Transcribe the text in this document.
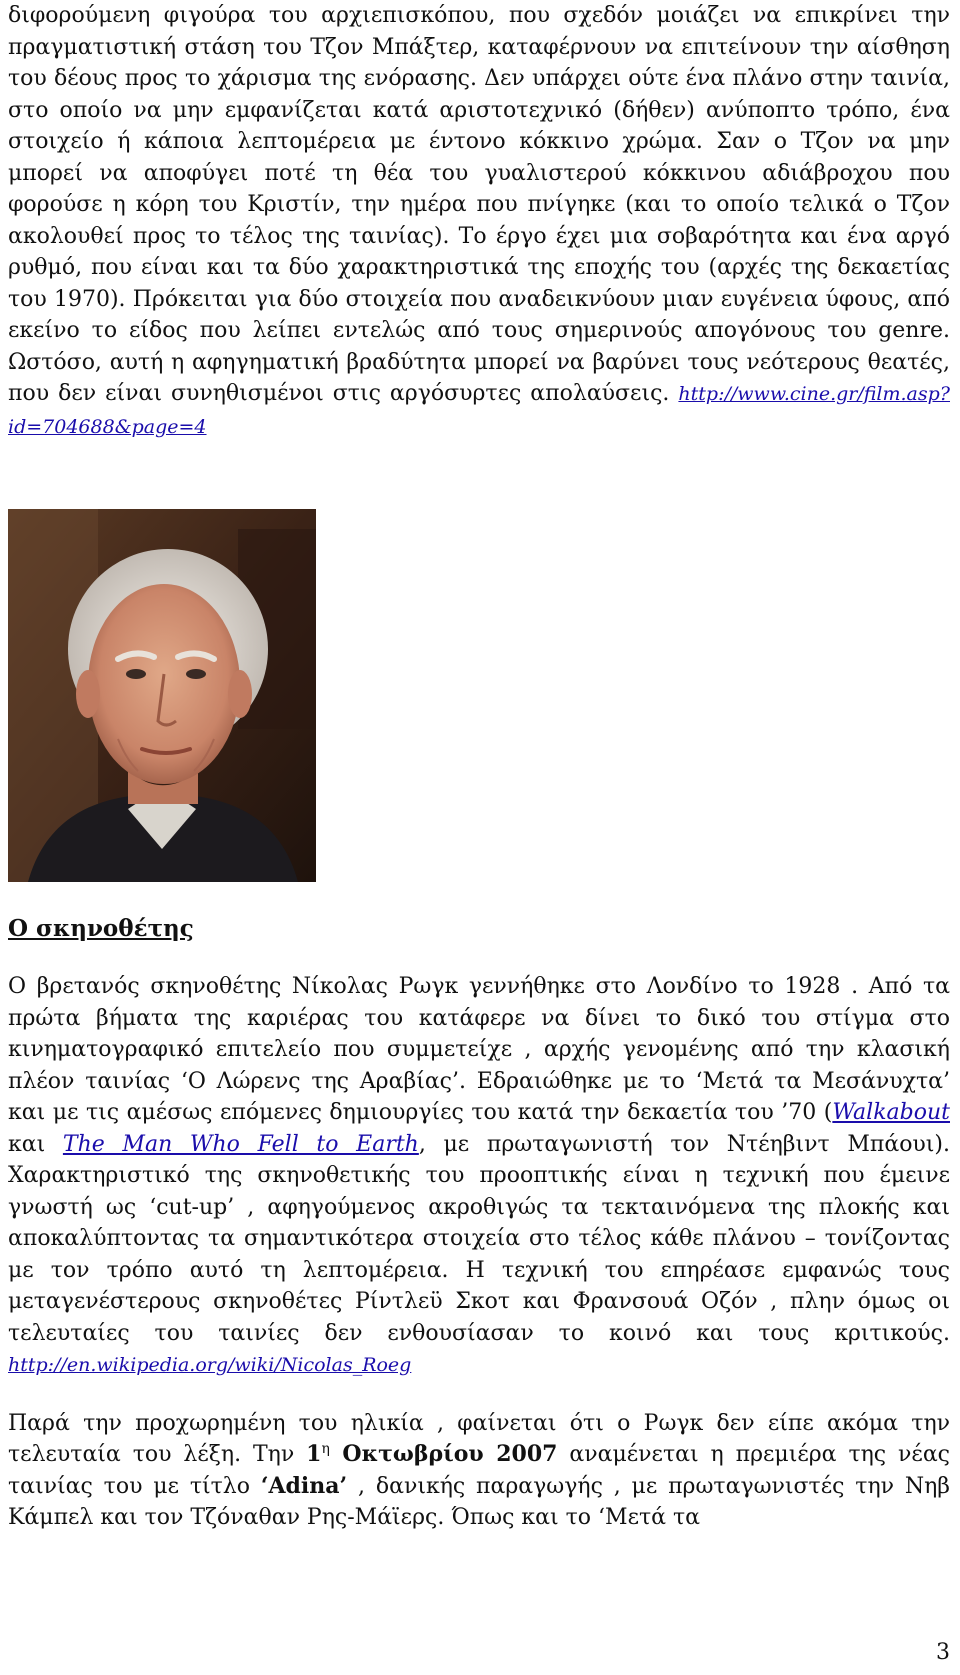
διφορούμενη φιγούρα του αρχιεπισκόπου, που σχεδόν μοιάζει να επικρίνει την πραγματιστική στάση του Τζον Μπάξτερ, καταφέρνουν να επιτείνουν την αίσθηση του δέους προς το χάρισμα της ενόρασης. Δεν υπάρχει ούτε ένα πλάνο στην ταινία, στο οποίο να μην εμφανίζεται κατά αριστοτεχνικό (δήθεν) ανύποπτο τρόπο, ένα στοιχείο ή κάποια λεπτομέρεια με έντονο κόκκινο χρώμα. Σαν ο Τζον να μην μπορεί να αποφύγει ποτέ τη θέα του γυαλιστερού κόκκινου αδιάβροχου που φορούσε η κόρη του Κριστίν, την ημέρα που πνίγηκε (και το οποίο τελικά ο Τζον ακολουθεί προς το τέλος της ταινίας). Το έργο έχει μια σοβαρότητα και ένα αργό ρυθμό, που είναι και τα δύο χαρακτηριστικά της εποχής του (αρχές της δεκαετίας του 1970). Πρόκειται για δύο στοιχεία που αναδεικνύουν μιαν ευγένεια ύφους, από εκείνο το είδος που λείπει εντελώς από τους σημερινούς απογόνους του genre. Ωστόσο, αυτή η αφηγηματική βραδύτητα μπορεί να βαρύνει τους νεότερους θεατές, που δεν είναι συνηθισμένοι στις αργόσυρτες απολαύσεις. http://www.cine.gr/film.asp?id=704688&page=4

Ο σκηνοθέτης

Ο βρετανός σκηνοθέτης Νίκολας Ρωγκ γεννήθηκε στο Λονδίνο το 1928 . Από τα πρώτα βήματα της καριέρας του κατάφερε να δίνει το δικό του στίγμα στο κινηματογραφικό επιτελείο που συμμετείχε , αρχής γενομένης από την κλασική πλέον ταινίας ‘Ο Λώρενς της Αραβίας’. Εδραιώθηκε με το ‘Μετά τα Μεσάνυχτα’ και με τις αμέσως επόμενες δημιουργίες του κατά την δεκαετία του ’70 (Walkabout και The Man Who Fell to Earth, με πρωταγωνιστή τον Ντέηβιντ Μπάουι). Χαρακτηριστικό της σκηνοθετικής του προοπτικής είναι η τεχνική που έμεινε γνωστή ως ‘cut-up’ , αφηγούμενος ακροθιγώς τα τεκταινόμενα της πλοκής και αποκαλύπτοντας τα σημαντικότερα στοιχεία στο τέλος κάθε πλάνου – τονίζοντας με τον τρόπο αυτό τη λεπτομέρεια. Η τεχνική του επηρέασε εμφανώς τους μεταγενέστερους σκηνοθέτες Ρίντλεϋ Σκοτ και Φρανσουά Οζόν , πλην όμως οι τελευταίες του ταινίες δεν ενθουσίασαν το κοινό και τους κριτικούς. http://en.wikipedia.org/wiki/Nicolas_Roeg

Παρά την προχωρημένη του ηλικία , φαίνεται ότι ο Ρωγκ δεν είπε ακόμα την τελευταία του λέξη. Την $1^\eta$ Οκτωβρίου 2007 αναμένεται η πρεμιέρα της νέας ταινίας του με τίτλο ‘Adina’ , δανικής παραγωγής , με πρωταγωνιστές την Νηβ Κάμπελ και τον Τζόναθαν Ρης-Μάϊερς. Όπως και το ‘Μετά τα

3
